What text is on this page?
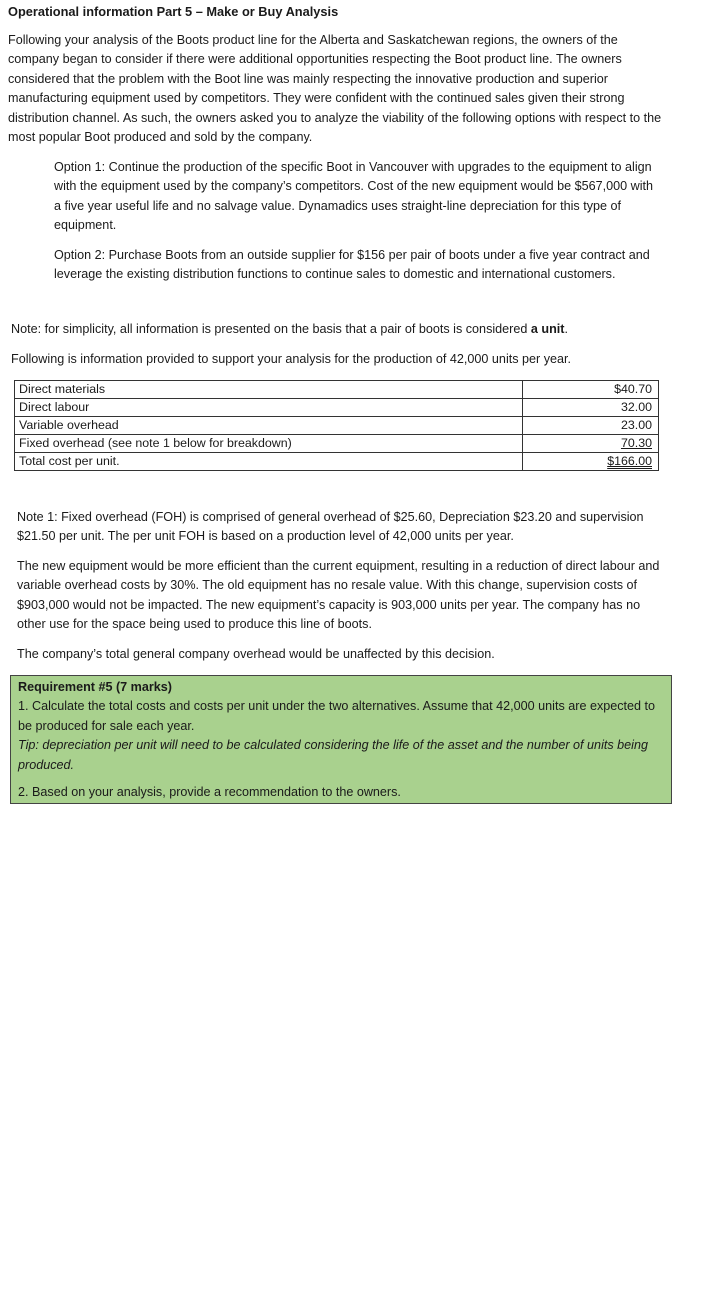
Operational information Part 5 – Make or Buy Analysis

Following your analysis of the Boots product line for the Alberta and Saskatchewan regions, the owners of the company began to consider if there were additional opportunities respecting the Boot product line. The owners considered that the problem with the Boot line was mainly respecting the innovative production and superior manufacturing equipment used by competitors. They were confident with the continued sales given their strong distribution channel. As such, the owners asked you to analyze the viability of the following options with respect to the most popular Boot produced and sold by the company.

Option 1: Continue the production of the specific Boot in Vancouver with upgrades to the equipment to align with the equipment used by the company’s competitors. Cost of the new equipment would be $567,000 with a five year useful life and no salvage value. Dynamadics uses straight-line depreciation for this type of equipment.

Option 2: Purchase Boots from an outside supplier for $156 per pair of boots under a five year contract and leverage the existing distribution functions to continue sales to domestic and international customers.

Note: for simplicity, all information is presented on the basis that a pair of boots is considered a unit.

Following is information provided to support your analysis for the production of 42,000 units per year.

Direct materials	$40.70
Direct labour	32.00
Variable overhead	23.00
Fixed overhead (see note 1 below for breakdown)	70.30
Total cost per unit.	$166.00

Note 1: Fixed overhead (FOH) is comprised of general overhead of $25.60, Depreciation $23.20 and supervision $21.50 per unit. The per unit FOH is based on a production level of 42,000 units per year.

The new equipment would be more efficient than the current equipment, resulting in a reduction of direct labour and variable overhead costs by 30%. The old equipment has no resale value. With this change, supervision costs of $903,000 would not be impacted. The new equipment’s capacity is 903,000 units per year. The company has no other use for the space being used to produce this line of boots.

The company’s total general company overhead would be unaffected by this decision.

Requirement #5 (7 marks)

1. Calculate the total costs and costs per unit under the two alternatives. Assume that 42,000 units are expected to be produced for sale each year.

Tip: depreciation per unit will need to be calculated considering the life of the asset and the number of units being produced.

2. Based on your analysis, provide a recommendation to the owners.
